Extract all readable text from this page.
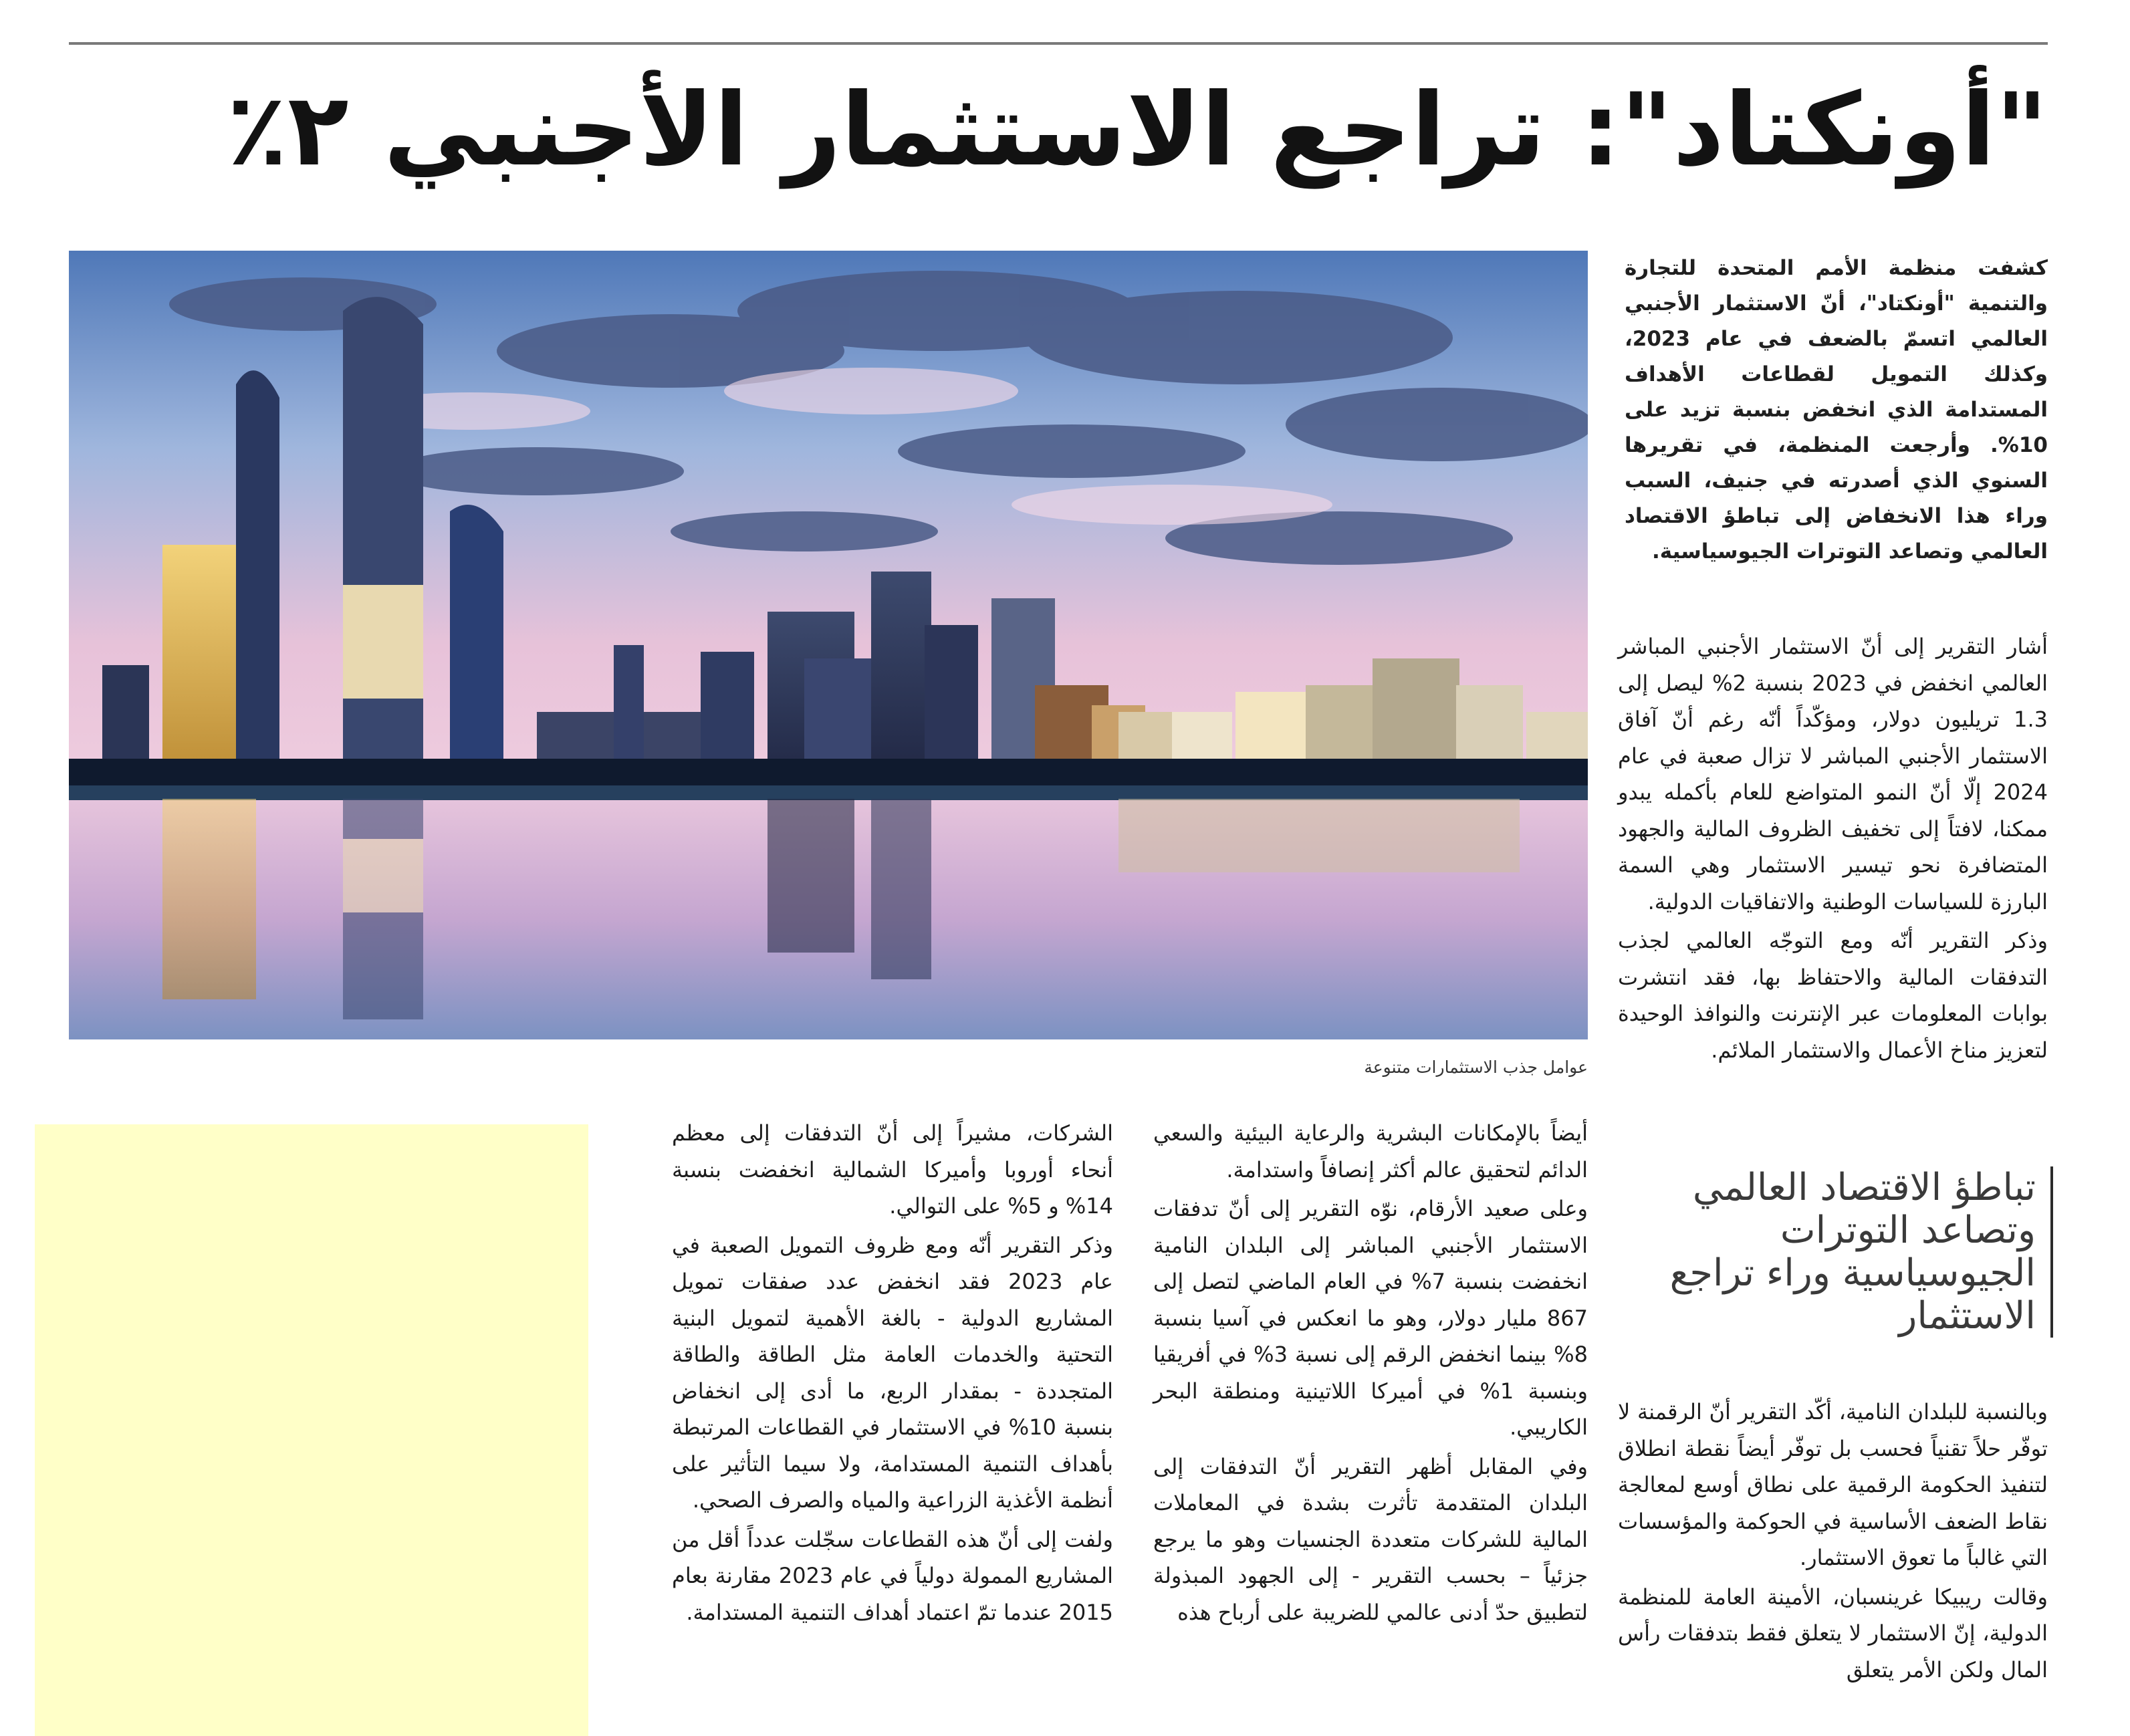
"أونكتاد": تراجع الاستثمار الأجنبي ٢٪
عوامل جذب الاستثمارات متنوعة
كشفت منظمة الأمم المتحدة للتجارة والتنمية "أونكتاد"، أنّ الاستثمار الأجنبي العالمي اتسمّ بالضعف في عام 2023، وكذلك التمويل لقطاعات الأهداف المستدامة الذي انخفض بنسبة تزيد على 10%. وأرجعت المنظمة، في تقريرها السنوي الذي أصدرته في جنيف، السبب وراء هذا الانخفاض إلى تباطؤ الاقتصاد العالمي وتصاعد التوترات الجيوسياسية.

أشار التقرير إلى أنّ الاستثمار الأجنبي المباشر العالمي انخفض في 2023 بنسبة 2% ليصل إلى 1.3 تريليون دولار، ومؤكّداً أنّه رغم أنّ آفاق الاستثمار الأجنبي المباشر لا تزال صعبة في عام 2024 إلّا أنّ النمو المتواضع للعام بأكمله يبدو ممكنا، لافتاً إلى تخفيف الظروف المالية والجهود المتضافرة نحو تيسير الاستثمار وهي السمة البارزة للسياسات الوطنية والاتفاقيات الدولية.

وذكر التقرير أنّه ومع التوجّه العالمي لجذب التدفقات المالية والاحتفاظ بها، فقد انتشرت بوابات المعلومات عبر الإنترنت والنوافذ الوحيدة لتعزيز مناخ الأعمال والاستثمار الملائم.

تباطؤ الاقتصاد العالمي وتصاعد التوترات الجيوسياسية وراء تراجع الاستثمار

وبالنسبة للبلدان النامية، أكّد التقرير أنّ الرقمنة لا توفّر حلاً تقنياً فحسب بل توفّر أيضاً نقطة انطلاق لتنفيذ الحكومة الرقمية على نطاق أوسع لمعالجة نقاط الضعف الأساسية في الحوكمة والمؤسسات التي غالباً ما تعوق الاستثمار.

وقالت ريبيكا غرينسبان، الأمينة العامة للمنظمة الدولية، إنّ الاستثمار لا يتعلق فقط بتدفقات رأس المال ولكن الأمر يتعلق

أيضاً بالإمكانات البشرية والرعاية البيئية والسعي الدائم لتحقيق عالم أكثر إنصافاً واستدامة.

وعلى صعيد الأرقام، نوّه التقرير إلى أنّ تدفقات الاستثمار الأجنبي المباشر إلى البلدان النامية انخفضت بنسبة 7% في العام الماضي لتصل إلى 867 مليار دولار، وهو ما انعكس في آسيا بنسبة 8% بينما انخفض الرقم إلى نسبة 3% في أفريقيا وبنسبة 1% في أميركا اللاتينية ومنطقة البحر الكاريبي.

وفي المقابل أظهر التقرير أنّ التدفقات إلى البلدان المتقدمة تأثرت بشدة في المعاملات المالية للشركات متعددة الجنسيات وهو ما يرجع جزئياً – بحسب التقرير - إلى الجهود المبذولة لتطبيق حدّ أدنى عالمي للضريبة على أرباح هذه

الشركات، مشيراً إلى أنّ التدفقات إلى معظم أنحاء أوروبا وأميركا الشمالية انخفضت بنسبة 14% و 5% على التوالي.

وذكر التقرير أنّه ومع ظروف التمويل الصعبة في عام 2023 فقد انخفض عدد صفقات تمويل المشاريع الدولية - بالغة الأهمية لتمويل البنية التحتية والخدمات العامة مثل الطاقة والطاقة المتجددة - بمقدار الربع، ما أدى إلى انخفاض بنسبة 10% في الاستثمار في القطاعات المرتبطة بأهداف التنمية المستدامة، ولا سيما التأثير على أنظمة الأغذية الزراعية والمياه والصرف الصحي.

ولفت إلى أنّ هذه القطاعات سجّلت عدداً أقل من المشاريع الممولة دولياً في عام 2023 مقارنة بعام 2015 عندما تمّ اعتماد أهداف التنمية المستدامة.
